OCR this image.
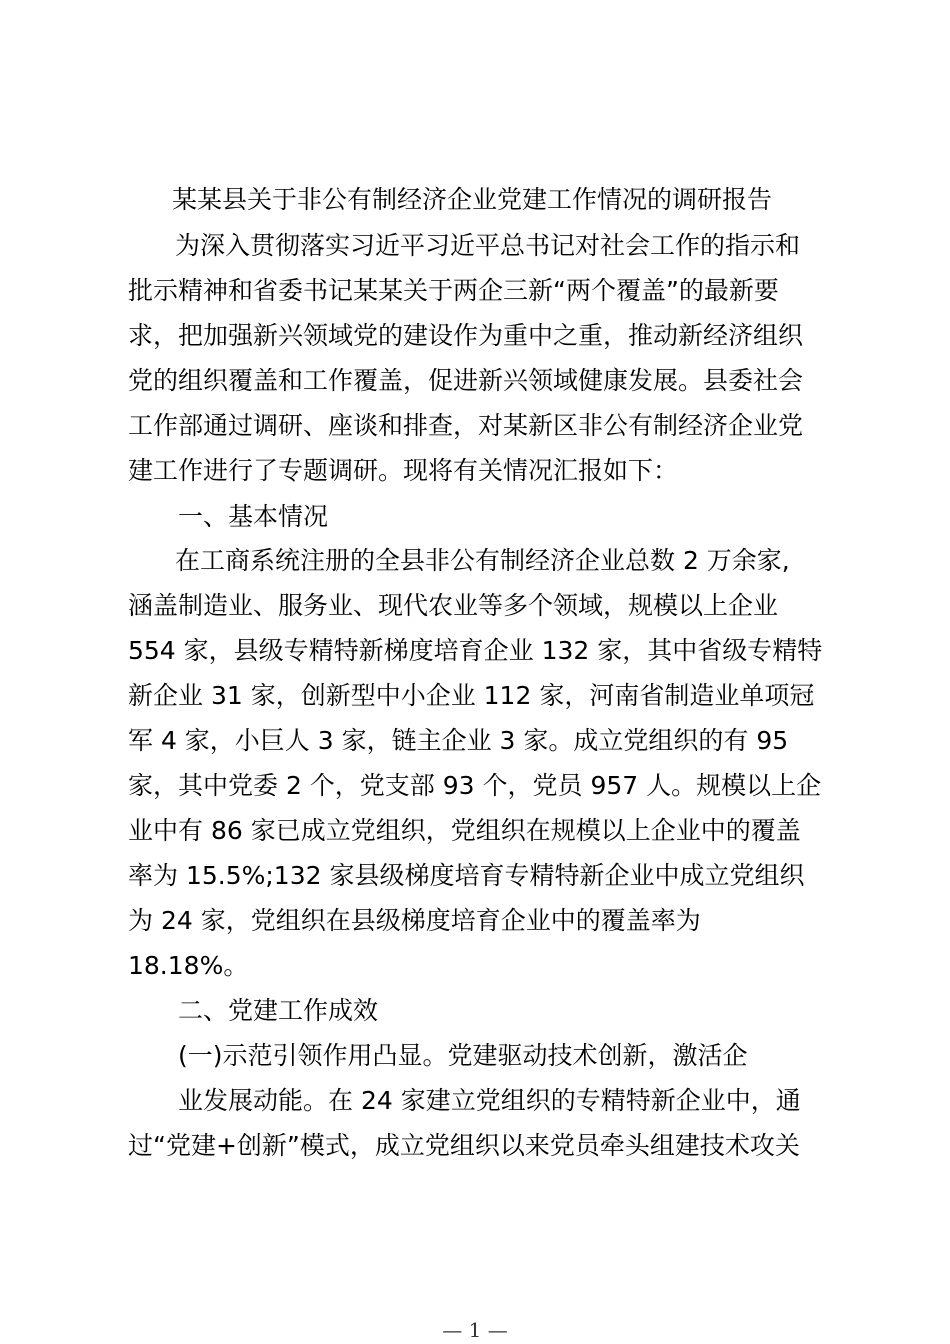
某某县关于非公有制经济企业党建工作情况的调研报告
为深入贯彻落实习近平习近平总书记对社会工作的指示和
批示精神和省委书记某某关于两企三新“两个覆盖”的最新要
求，把加强新兴领域党的建设作为重中之重，推动新经济组织
党的组织覆盖和工作覆盖，促进新兴领域健康发展。县委社会
工作部通过调研、座谈和排查，对某新区非公有制经济企业党
建工作进行了专题调研。现将有关情况汇报如下：
一、基本情况
在工商系统注册的全县非公有制经济企业总数 2 万余家,
涵盖制造业、服务业、现代农业等多个领域，规模以上企业
554 家，县级专精特新梯度培育企业 132 家，其中省级专精特
新企业 31 家，创新型中小企业 112 家，河南省制造业单项冠
军 4 家，小巨人 3 家，链主企业 3 家。成立党组织的有 95
家，其中党委 2 个，党支部 93 个，党员 957 人。规模以上企
业中有 86 家已成立党组织，党组织在规模以上企业中的覆盖
率为 15.5%;132 家县级梯度培育专精特新企业中成立党组织
为 24 家，党组织在县级梯度培育企业中的覆盖率为
18.18%。
二、党建工作成效
(一)示范引领作用凸显。党建驱动技术创新，激活企
业发展动能。在 24 家建立党组织的专精特新企业中，通
过“党建+创新”模式，成立党组织以来党员牵头组建技术攻关
— 1 —
